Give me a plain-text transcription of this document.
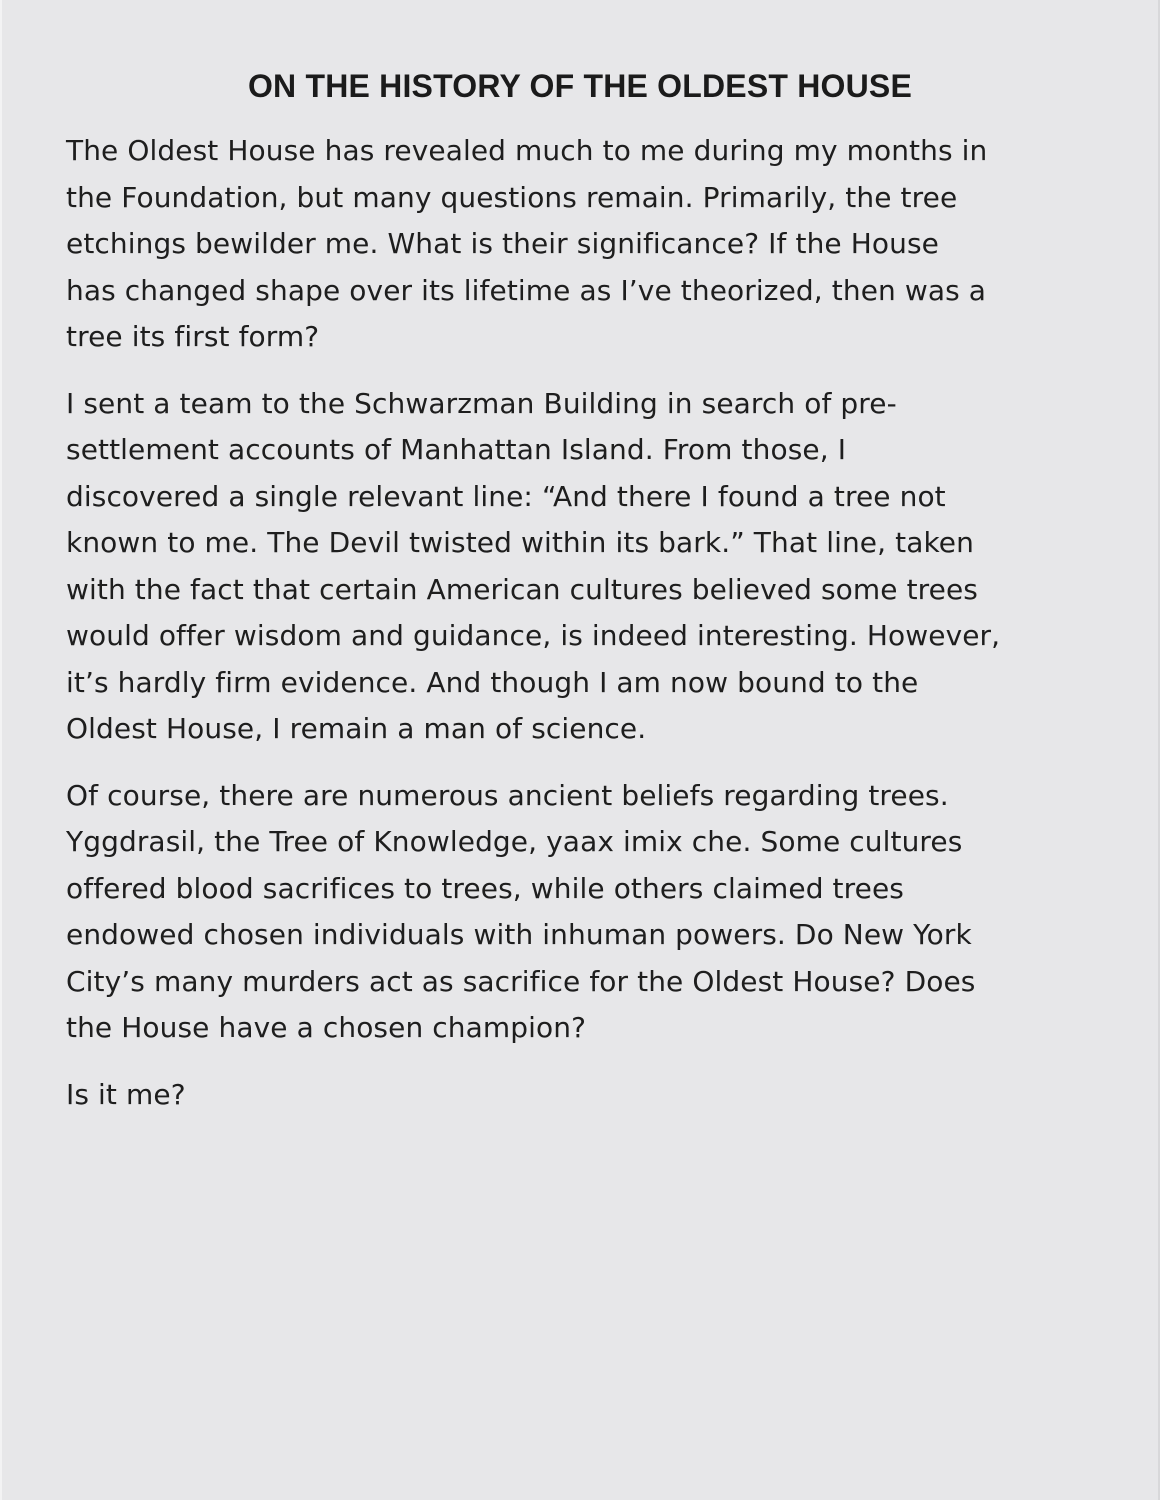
ON THE HISTORY OF THE OLDEST HOUSE

The Oldest House has revealed much to me during my months in
the Foundation, but many questions remain. Primarily, the tree
etchings bewilder me. What is their significance? If the House
has changed shape over its lifetime as I’ve theorized, then was a
tree its first form?

I sent a team to the Schwarzman Building in search of pre-
settlement accounts of Manhattan Island. From those, I
discovered a single relevant line: “And there I found a tree not
known to me. The Devil twisted within its bark.” That line, taken
with the fact that certain American cultures believed some trees
would offer wisdom and guidance, is indeed interesting. However,
it’s hardly firm evidence. And though I am now bound to the
Oldest House, I remain a man of science.

Of course, there are numerous ancient beliefs regarding trees.
Yggdrasil, the Tree of Knowledge, yaax imix che. Some cultures
offered blood sacrifices to trees, while others claimed trees
endowed chosen individuals with inhuman powers. Do New York
City’s many murders act as sacrifice for the Oldest House? Does
the House have a chosen champion?

Is it me?
